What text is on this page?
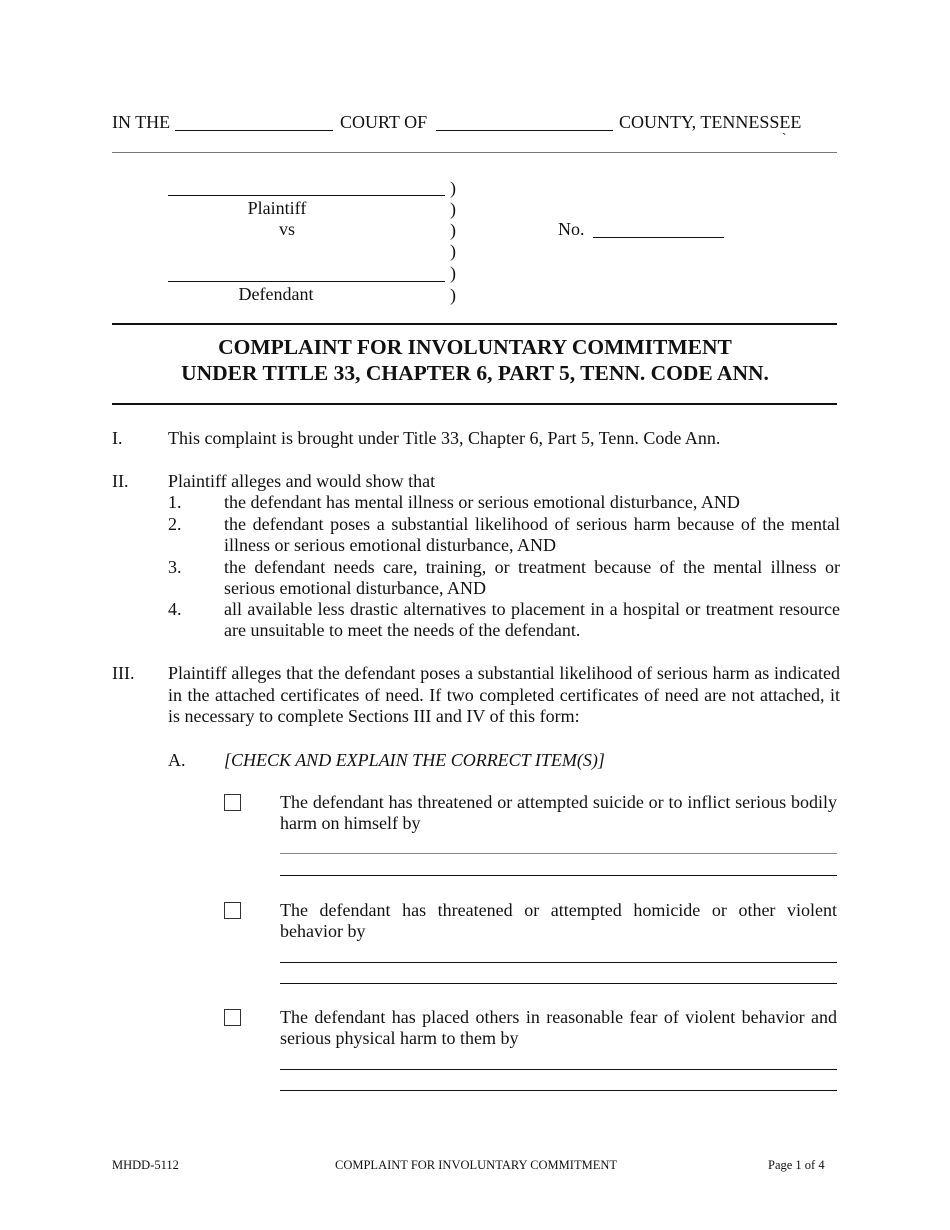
IN THE	COURT OF	COUNTY, TENNESSEE
`
Plaintiff
vs
Defendant
)
)
)
)
)
)
No.
COMPLAINT FOR INVOLUNTARY COMMITMENT
UNDER TITLE 33, CHAPTER 6, PART 5, TENN. CODE ANN.
I.	This complaint is brought under Title 33, Chapter 6, Part 5, Tenn. Code Ann.
II. Plaintiff alleges and would show that
1. the defendant has mental illness or serious emotional disturbance, AND
2. the defendant poses a substantial likelihood of serious harm because of the mental illness or serious emotional disturbance, AND
3. the defendant needs care, training, or treatment because of the mental illness or serious emotional disturbance, AND
4. all available less drastic alternatives to placement in a hospital or treatment resource are unsuitable to meet the needs of the defendant.
III. Plaintiff alleges that the defendant poses a substantial likelihood of serious harm as indicated in the attached certificates of need. If two completed certificates of need are not attached, it is necessary to complete Sections III and IV of this form:
A. [CHECK AND EXPLAIN THE CORRECT ITEM(S)]
The defendant has threatened or attempted suicide or to inflict serious bodily harm on himself by
The defendant has threatened or attempted homicide or other violent behavior by
The defendant has placed others in reasonable fear of violent behavior and serious physical harm to them by
MHDD-5112	COMPLAINT FOR INVOLUNTARY COMMITMENT	Page 1 of 4
